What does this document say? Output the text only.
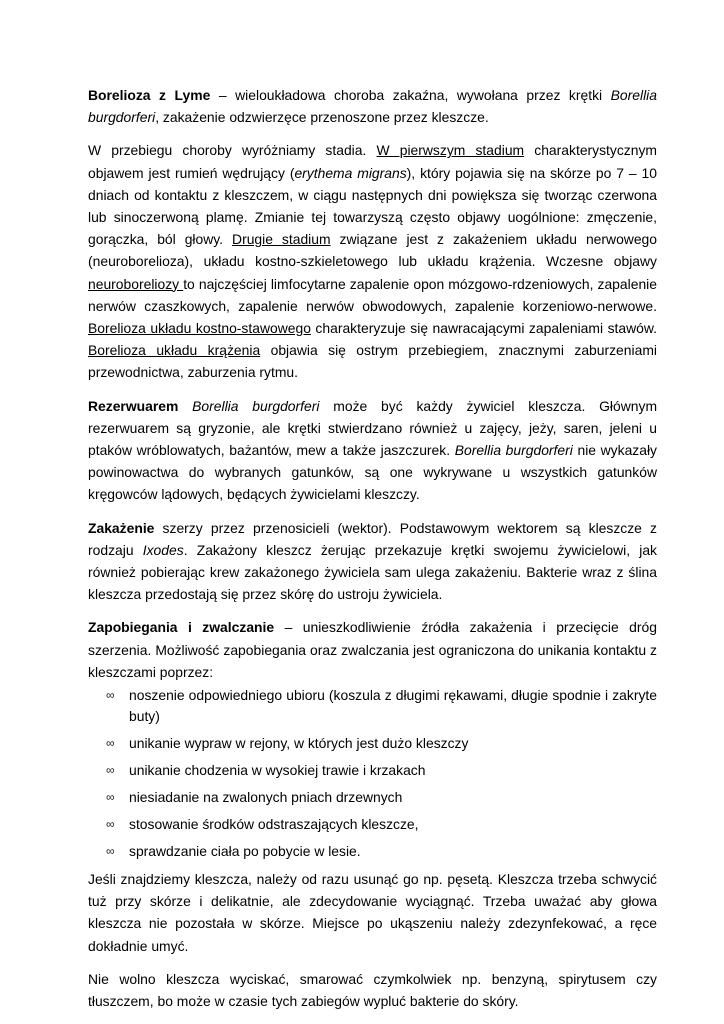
Borelioza z Lyme – wieloukładowa choroba zakaźna, wywołana przez krętki Borellia burgdorferi, zakażenie odzwierzęce przenoszone przez kleszcze.

W przebiegu choroby wyróżniamy stadia. W pierwszym stadium charakterystycznym objawem jest rumień wędrujący (erythema migrans), który pojawia się na skórze po 7 – 10 dniach od kontaktu z kleszczem, w ciągu następnych dni powiększa się tworząc czerwona lub sinoczerwoną plamę. Zmianie tej towarzyszą często objawy uogólnione: zmęczenie, gorączka, ból głowy. Drugie stadium związane jest z zakażeniem układu nerwowego (neuroborelioza), układu kostno-szkieletowego lub układu krążenia. Wczesne objawy neuroboreliozy to najczęściej limfocytarne zapalenie opon mózgowo-rdzeniowych, zapalenie nerwów czaszkowych, zapalenie nerwów obwodowych, zapalenie korzeniowo-nerwowe. Borelioza układu kostno-stawowego charakteryzuje się nawracającymi zapaleniami stawów. Borelioza układu krążenia objawia się ostrym przebiegiem, znacznymi zaburzeniami przewodnictwa, zaburzenia rytmu.

Rezerwuarem Borellia burgdorferi może być każdy żywiciel kleszcza. Głównym rezerwuarem są gryzonie, ale krętki stwierdzano również u zajęcy, jeży, saren, jeleni u ptaków wróblowatych, bażantów, mew a także jaszczurek. Borellia burgdorferi nie wykazały powinowactwa do wybranych gatunków, są one wykrywane u wszystkich gatunków kręgowców lądowych, będących żywicielami kleszczy.

Zakażenie szerzy przez przenosicieli (wektor). Podstawowym wektorem są kleszcze z rodzaju Ixodes. Zakażony kleszcz żerując przekazuje krętki swojemu żywicielowi, jak również pobierając krew zakażonego żywiciela sam ulega zakażeniu. Bakterie wraz z ślina kleszcza przedostają się przez skórę do ustroju żywiciela.

Zapobiegania i zwalczanie – unieszkodliwienie źródła zakażenia i przecięcie dróg szerzenia. Możliwość zapobiegania oraz zwalczania jest ograniczona do unikania kontaktu z kleszczami poprzez:

∞ noszenie odpowiedniego ubioru (koszula z długimi rękawami, długie spodnie i zakryte buty)
∞ unikanie wypraw w rejony, w których jest dużo kleszczy
∞ unikanie chodzenia w wysokiej trawie i krzakach
∞ niesiadanie na zwalonych pniach drzewnych
∞ stosowanie środków odstraszających kleszcze,
∞ sprawdzanie ciała po pobycie w lesie.

Jeśli znajdziemy kleszcza, należy od razu usunąć go np. pęsetą. Kleszcza trzeba schwycić tuż przy skórze i delikatnie, ale zdecydowanie wyciągnąć. Trzeba uważać aby głowa kleszcza nie pozostała w skórze. Miejsce po ukąszeniu należy zdezynfekować, a ręce dokładnie umyć.

Nie wolno kleszcza wyciskać, smarować czymkolwiek np. benzyną, spirytusem czy tłuszczem, bo może w czasie tych zabiegów wypluć bakterie do skóry.
